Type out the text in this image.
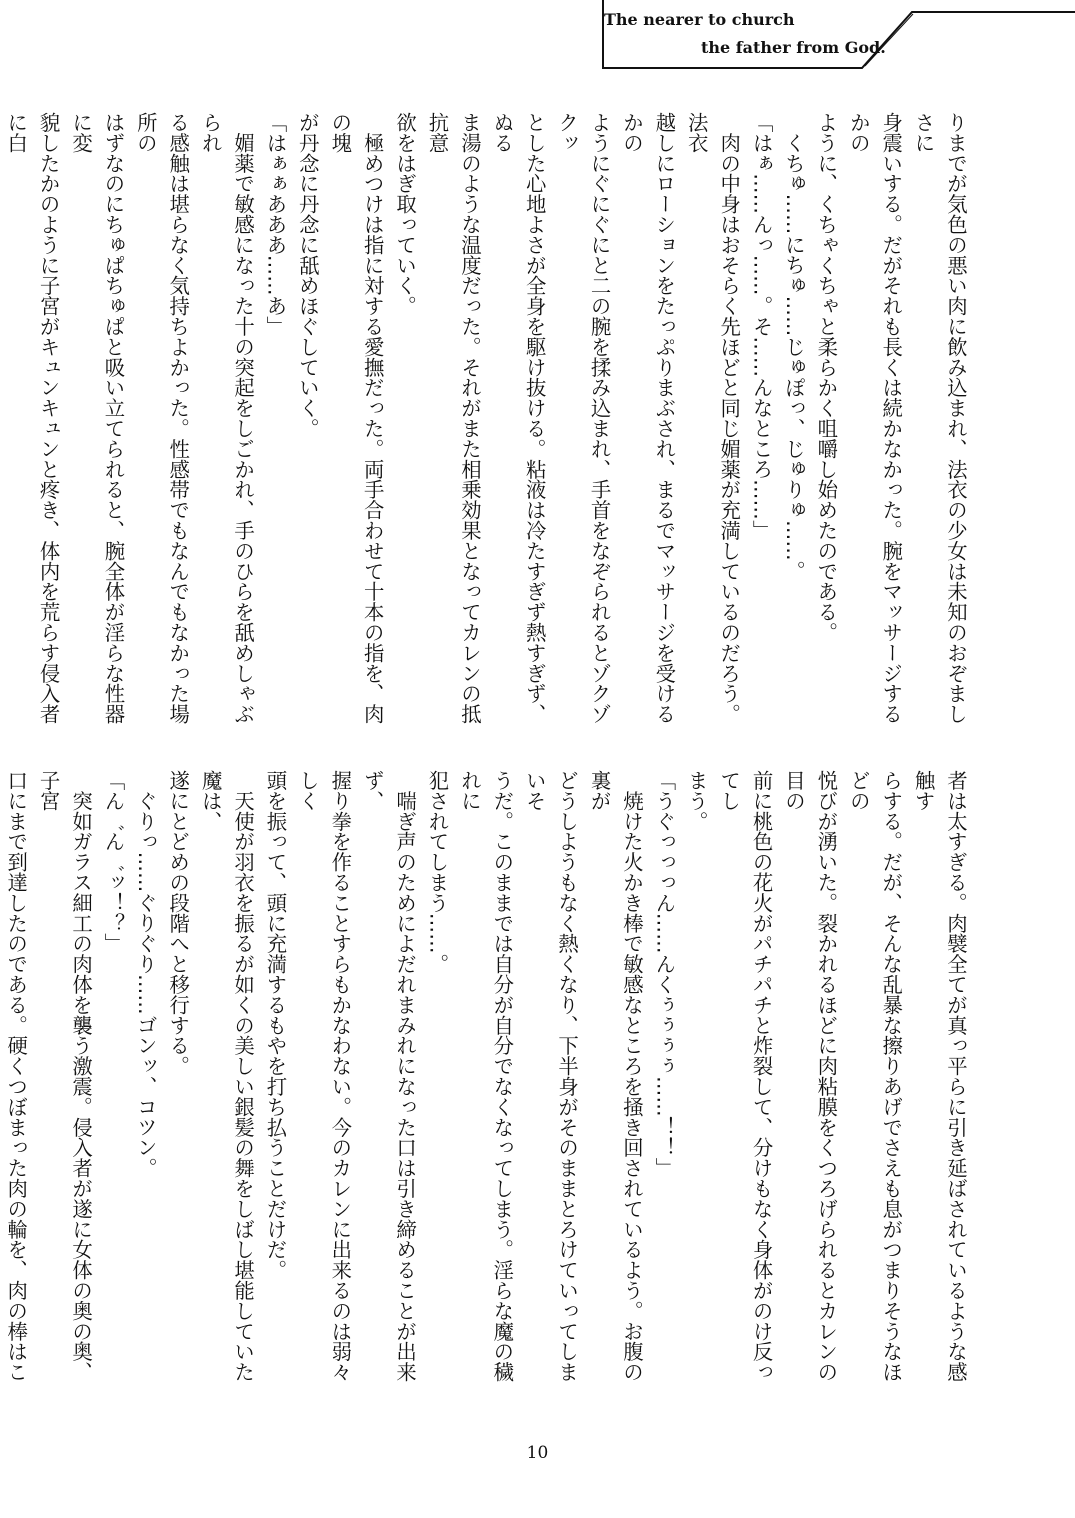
The nearer to church
the father from God.

りまでが気色の悪い肉に飲み込まれ、法衣の少女は未知のおぞましさに

身震いする。だがそれも長くは続かなかった。腕をマッサージするかの

ように、くちゃくちゃと柔らかく咀嚼し始めたのである。

　くちゅ……にちゅ……じゅぽっ、じゅりゅ……。

「はぁ……んっ……。そ……んなところ……」

　肉の中身はおそらく先ほどと同じ媚薬が充満しているのだろう。法衣

越しにローションをたっぷりまぶされ、まるでマッサージを受けるかの

ようにぐにぐにと二の腕を揉み込まれ、手首をなぞられるとゾクゾクッ

とした心地よさが全身を駆け抜ける。粘液は冷たすぎず熱すぎず、ぬる

ま湯のような温度だった。それがまた相乗効果となってカレンの抵抗意

欲をはぎ取っていく。

　極めつけは指に対する愛撫だった。両手合わせて十本の指を、肉の塊

が丹念に丹念に舐めほぐしていく。

「はぁぁあああ……あ」

　媚薬で敏感になった十の突起をしごかれ、手のひらを舐めしゃぶられ

る感触は堪らなく気持ちよかった。性感帯でもなんでもなかった場所の

はずなのにちゅぱちゅぱと吸い立てられると、腕全体が淫らな性器に変

貌したかのように子宮がキュンキュンと疼き、体内を荒らす侵入者に白

者は太すぎる。肉襞全てが真っ平らに引き延ばされているような感触す

らする。だが、そんな乱暴な擦りあげでさえも息がつまりそうなほどの

悦びが湧いた。裂かれるほどに肉粘膜をくつろげられるとカレンの目の

前に桃色の花火がパチパチと炸裂して、分けもなく身体がのけ反ってし

まう。

「うぐっっっん……んくぅぅぅぅ……！！」

　焼けた火かき棒で敏感なところを掻き回されているよう。お腹の裏が

どうしようもなく熱くなり、下半身がそのままとろけていってしまいそ

うだ。このままでは自分が自分でなくなってしまう。淫らな魔の穢れに

犯されてしまう……。

　喘ぎ声のためによだれまみれになった口は引き締めることが出来ず、

握り拳を作ることすらもかなわない。今のカレンに出来るのは弱々しく

頭を振って、頭に充満するもやを打ち払うことだけだ。

　天使が羽衣を振るが如くの美しい銀髪の舞をしばし堪能していた魔は、

遂にとどめの段階へと移行する。

　ぐりっ……ぐりぐり……ゴンッ、コツン。

「ん゛ん゛ッ！？」

　突如ガラス細工の肉体を襲う激震。侵入者が遂に女体の奥の奥、子宮

口にまで到達したのである。硬くつぼまった肉の輪を、肉の棒はこ

10
